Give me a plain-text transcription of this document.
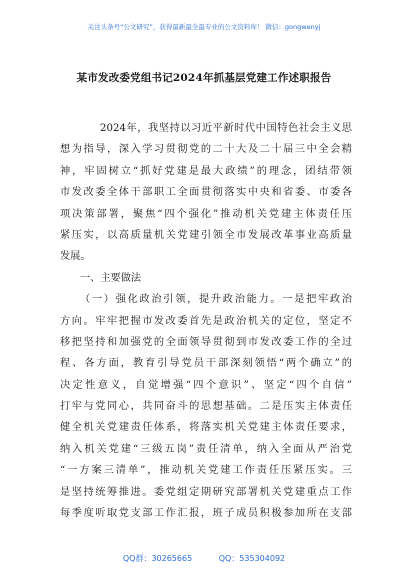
关注头条号“公文研究”，获得最新最全最专业的公文资料库！ 微信：gongwenyj
某市发改委党组书记2024年抓基层党建工作述职报告
2024年，我坚持以习近平新时代中国特色社会主义思
想为指导，深入学习贯彻党的二十大及二十届三中全会精
神，牢固树立“抓好党建是最大政绩”的理念，团结带领
市发改委全体干部职工全面贯彻落实中央和省委、市委各
项决策部署，聚焦“四个强化”推动机关党建主体责任压
紧压实，以高质量机关党建引领全市发展改革事业高质量
发展。
一、主要做法
（一）强化政治引领，提升政治能力。一是把牢政治
方向。牢牢把握市发改委首先是政治机关的定位，坚定不
移把坚持和加强党的全面领导贯彻到市发改委工作的全过
程、各方面，教育引导党员干部深刻领悟“两个确立”的
决定性意义，自觉增强“四个意识”、坚定“四个自信”
打牢与党同心，共同奋斗的思想基础。二是压实主体责任
健全机关党建责任体系，将落实机关党建主体责任要求，
纳入机关党建“三级五岗”责任清单，纳入全面从严治党
“一方案三清单”，推动机关党建工作责任压紧压实。三
是坚持统筹推进。委党组定期研究部署机关党建重点工作
每季度听取党支部工作汇报，班子成员积极参加所在支部
QQ群：30265665	QQ：535304092
